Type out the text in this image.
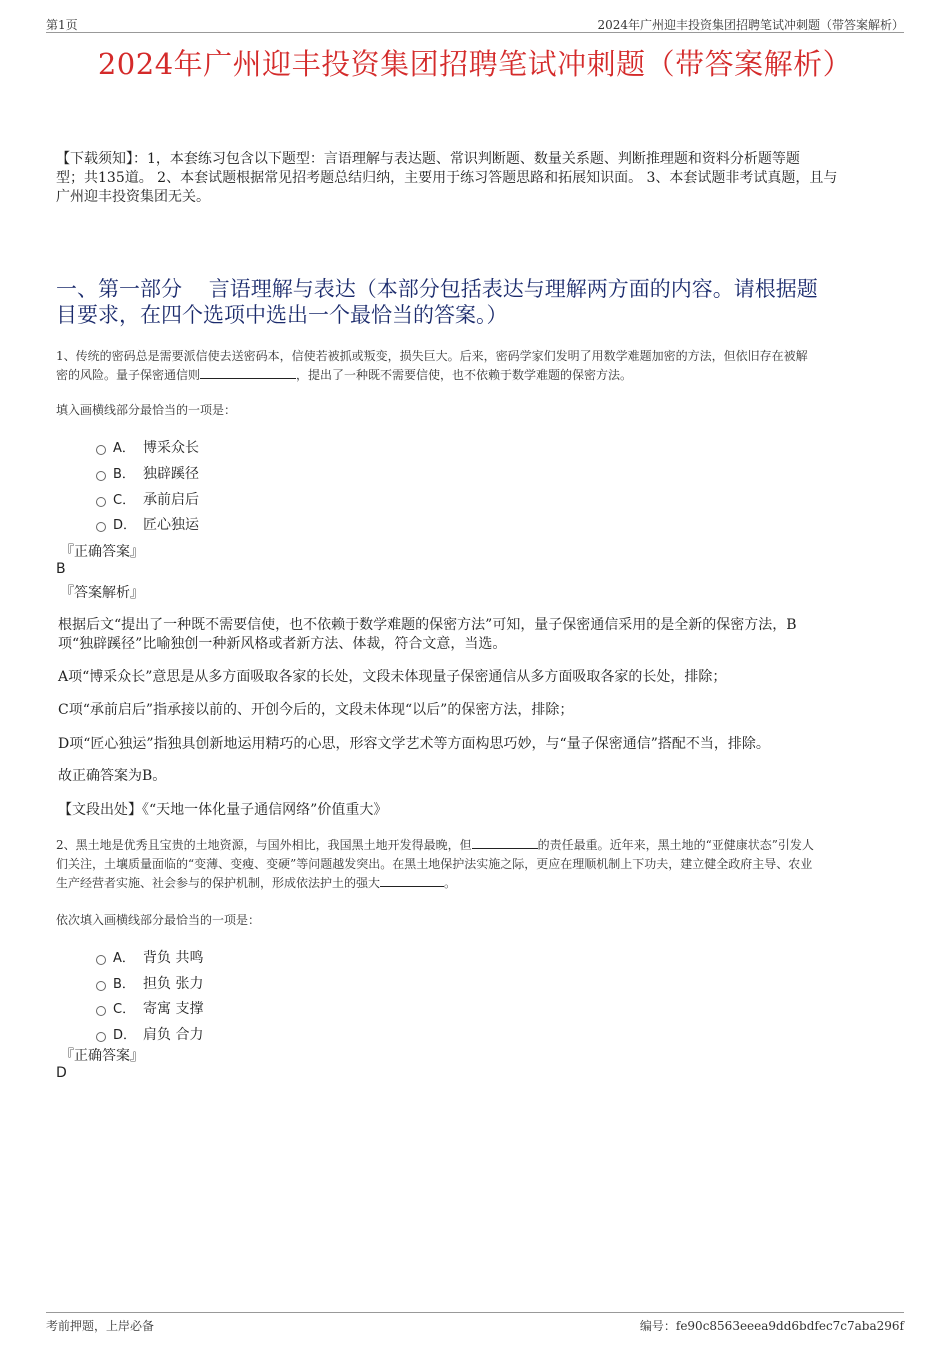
第1页	2024年广州迎丰投资集团招聘笔试冲刺题（带答案解析）
2024年广州迎丰投资集团招聘笔试冲刺题（带答案解析）
【下载须知】：1，本套练习包含以下题型：言语理解与表达题、常识判断题、数量关系题、判断推理题和资料分析题等题
型；共135道。 2、本套试题根据常见招考题总结归纳，主要用于练习答题思路和拓展知识面。 3、本套试题非考试真题，且与
广州迎丰投资集团无关。
一、第一部分    言语理解与表达（本部分包括表达与理解两方面的内容。请根据题
目要求，在四个选项中选出一个最恰当的答案。）
1、传统的密码总是需要派信使去送密码本，信使若被抓或叛变，损失巨大。后来，密码学家们发明了用数学难题加密的方法，但依旧存在被解
密的风险。量子保密通信则	，提出了一种既不需要信使，也不依赖于数学难题的保密方法。
填入画横线部分最恰当的一项是：
A． 博采众长
B． 独辟蹊径
C． 承前启后
D． 匠心独运
『正确答案』
B
『答案解析』
根据后文“提出了一种既不需要信使，也不依赖于数学难题的保密方法”可知，量子保密通信采用的是全新的保密方法，B
项“独辟蹊径”比喻独创一种新风格或者新方法、体裁，符合文意，当选。
A项“博采众长”意思是从多方面吸取各家的长处，文段未体现量子保密通信从多方面吸取各家的长处，排除；
C项“承前启后”指承接以前的、开创今后的，文段未体现“以后”的保密方法，排除；
D项“匠心独运”指独具创新地运用精巧的心思，形容文学艺术等方面构思巧妙，与“量子保密通信”搭配不当，排除。
故正确答案为B。
【文段出处】《“天地一体化量子通信网络”价值重大》
2、黑土地是优秀且宝贵的土地资源，与国外相比，我国黑土地开发得最晚，但	的责任最重。近年来，黑土地的“亚健康状态”引发人
们关注，土壤质量面临的“变薄、变瘦、变硬”等问题越发突出。在黑土地保护法实施之际，更应在理顺机制上下功夫，建立健全政府主导、农业
生产经营者实施、社会参与的保护机制，形成依法护土的强大	。
依次填入画横线部分最恰当的一项是：
A． 背负 共鸣
B． 担负 张力
C． 寄寓 支撑
D． 肩负 合力
『正确答案』
D
考前押题，上岸必备	编号：fe90c8563eeea9dd6bdfec7c7aba296f
